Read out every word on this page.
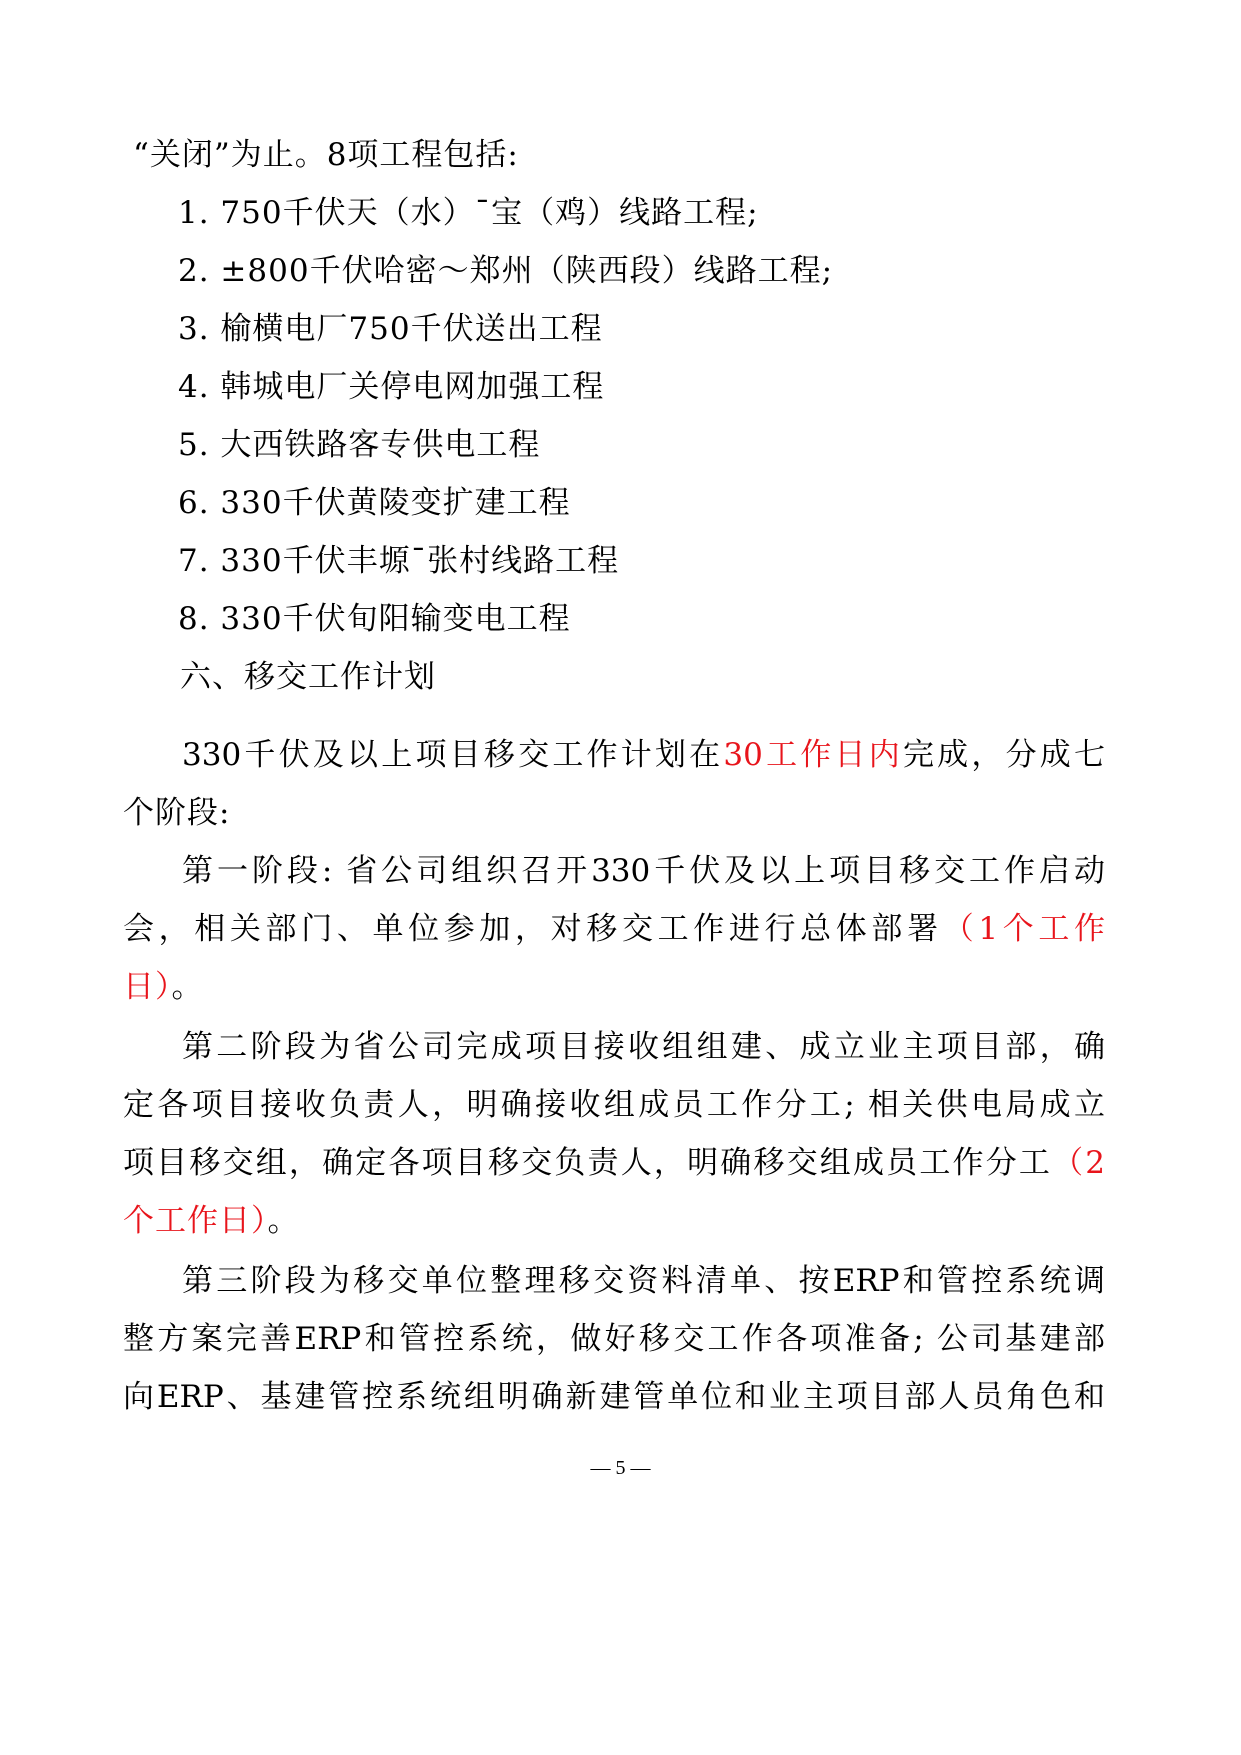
“关闭”为止。8项工程包括:
1. 750千伏天（水）¯宝（鸡）线路工程;
2. ±800千伏哈密～郑州（陕西段）线路工程;
3. 榆横电厂750千伏送出工程
4. 韩城电厂关停电网加强工程
5. 大西铁路客专供电工程
6. 330千伏黄陵变扩建工程
7. 330千伏丰塬¯张村线路工程
8. 330千伏旬阳输变电工程
六、移交工作计划
330千伏及以上项目移交工作计划在30工作日内完成，分成七
个阶段:
第一阶段: 省公司组织召开330千伏及以上项目移交工作启动
会，相关部门、单位参加，对移交工作进行总体部署（1个工作
日）。
第二阶段为省公司完成项目接收组组建、成立业主项目部，确
定各项目接收负责人，明确接收组成员工作分工; 相关供电局成立
项目移交组，确定各项目移交负责人，明确移交组成员工作分工（2
个工作日）。
第三阶段为移交单位整理移交资料清单、按ERP和管控系统调
整方案完善ERP和管控系统，做好移交工作各项准备; 公司基建部
向ERP、基建管控系统组明确新建管单位和业主项目部人员角色和
— 5 —
